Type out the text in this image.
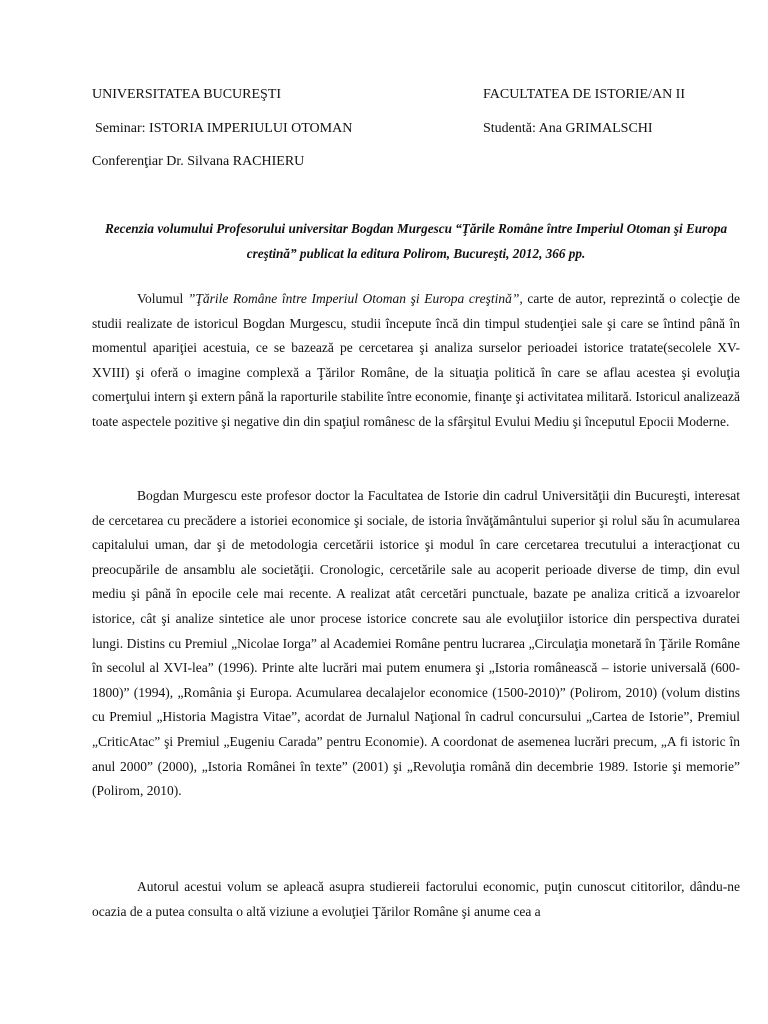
UNIVERSITATEA BUCUREŞTI	FACULTATEA DE ISTORIE/AN II
Seminar: ISTORIA IMPERIULUI OTOMAN	Studentă: Ana GRIMALSCHI
Conferenţiar Dr. Silvana RACHIERU
Recenzia volumului Profesorului universitar Bogdan Murgescu “Ţările Române între Imperiul Otoman şi Europa creştină” publicat la editura Polirom, Bucureşti, 2012, 366 pp.
Volumul ”Ţările Române între Imperiul Otoman şi Europa creştină”, carte de autor, reprezintă o colecţie de studii realizate de istoricul Bogdan Murgescu, studii începute încă din timpul studenţiei sale şi care se întind până în momentul apariţiei acestuia, ce se bazează pe cercetarea şi analiza surselor perioadei istorice tratate(secolele XV-XVIII) şi oferă o imagine complexă a Ţărilor Române, de la situaţia politică în care se aflau acestea şi evoluţia comerţului intern şi extern până la raporturile stabilite între economie, finanţe şi activitatea militară. Istoricul analizează toate aspectele pozitive şi negative din din spaţiul românesc de la sfârşitul Evului Mediu şi începutul Epocii Moderne.
Bogdan Murgescu este profesor doctor la Facultatea de Istorie din cadrul Universităţii din Bucureşti, interesat de cercetarea cu precădere a istoriei economice şi sociale, de istoria învăţământului superior şi rolul său în acumularea capitalului uman, dar şi de metodologia cercetării istorice şi modul în care cercetarea trecutului a interacţionat cu preocupările de ansamblu ale societăţii. Cronologic, cercetările sale au acoperit perioade diverse de timp, din evul mediu şi până în epocile cele mai recente. A realizat atât cercetări punctuale, bazate pe analiza critică a izvoarelor istorice, cât şi analize sintetice ale unor procese istorice concrete sau ale evoluţiilor istorice din perspectiva duratei lungi. Distins cu Premiul „Nicolae Iorga” al Academiei Române pentru lucrarea „Circulaţia monetară în Ţările Române în secolul al XVI-lea” (1996). Printe alte lucrări mai putem enumera şi „Istoria românească – istorie universală (600-1800)” (1994), „România şi Europa. Acumularea decalajelor economice (1500-2010)” (Polirom, 2010) (volum distins cu Premiul „Historia Magistra Vitae”, acordat de Jurnalul Naţional în cadrul concursului „Cartea de Istorie”, Premiul „CriticAtac” şi Premiul „Eugeniu Carada” pentru Economie). A coordonat de asemenea lucrări precum, „A fi istoric în anul 2000” (2000), „Istoria Românei în texte” (2001) şi „Revoluţia română din decembrie 1989. Istorie şi memorie” (Polirom, 2010).
Autorul acestui volum se apleacă asupra studiereii factorului economic, puţin cunoscut cititorilor, dându-ne ocazia de a putea consulta o altă viziune a evoluţiei Ţărilor Române şi anume cea a
